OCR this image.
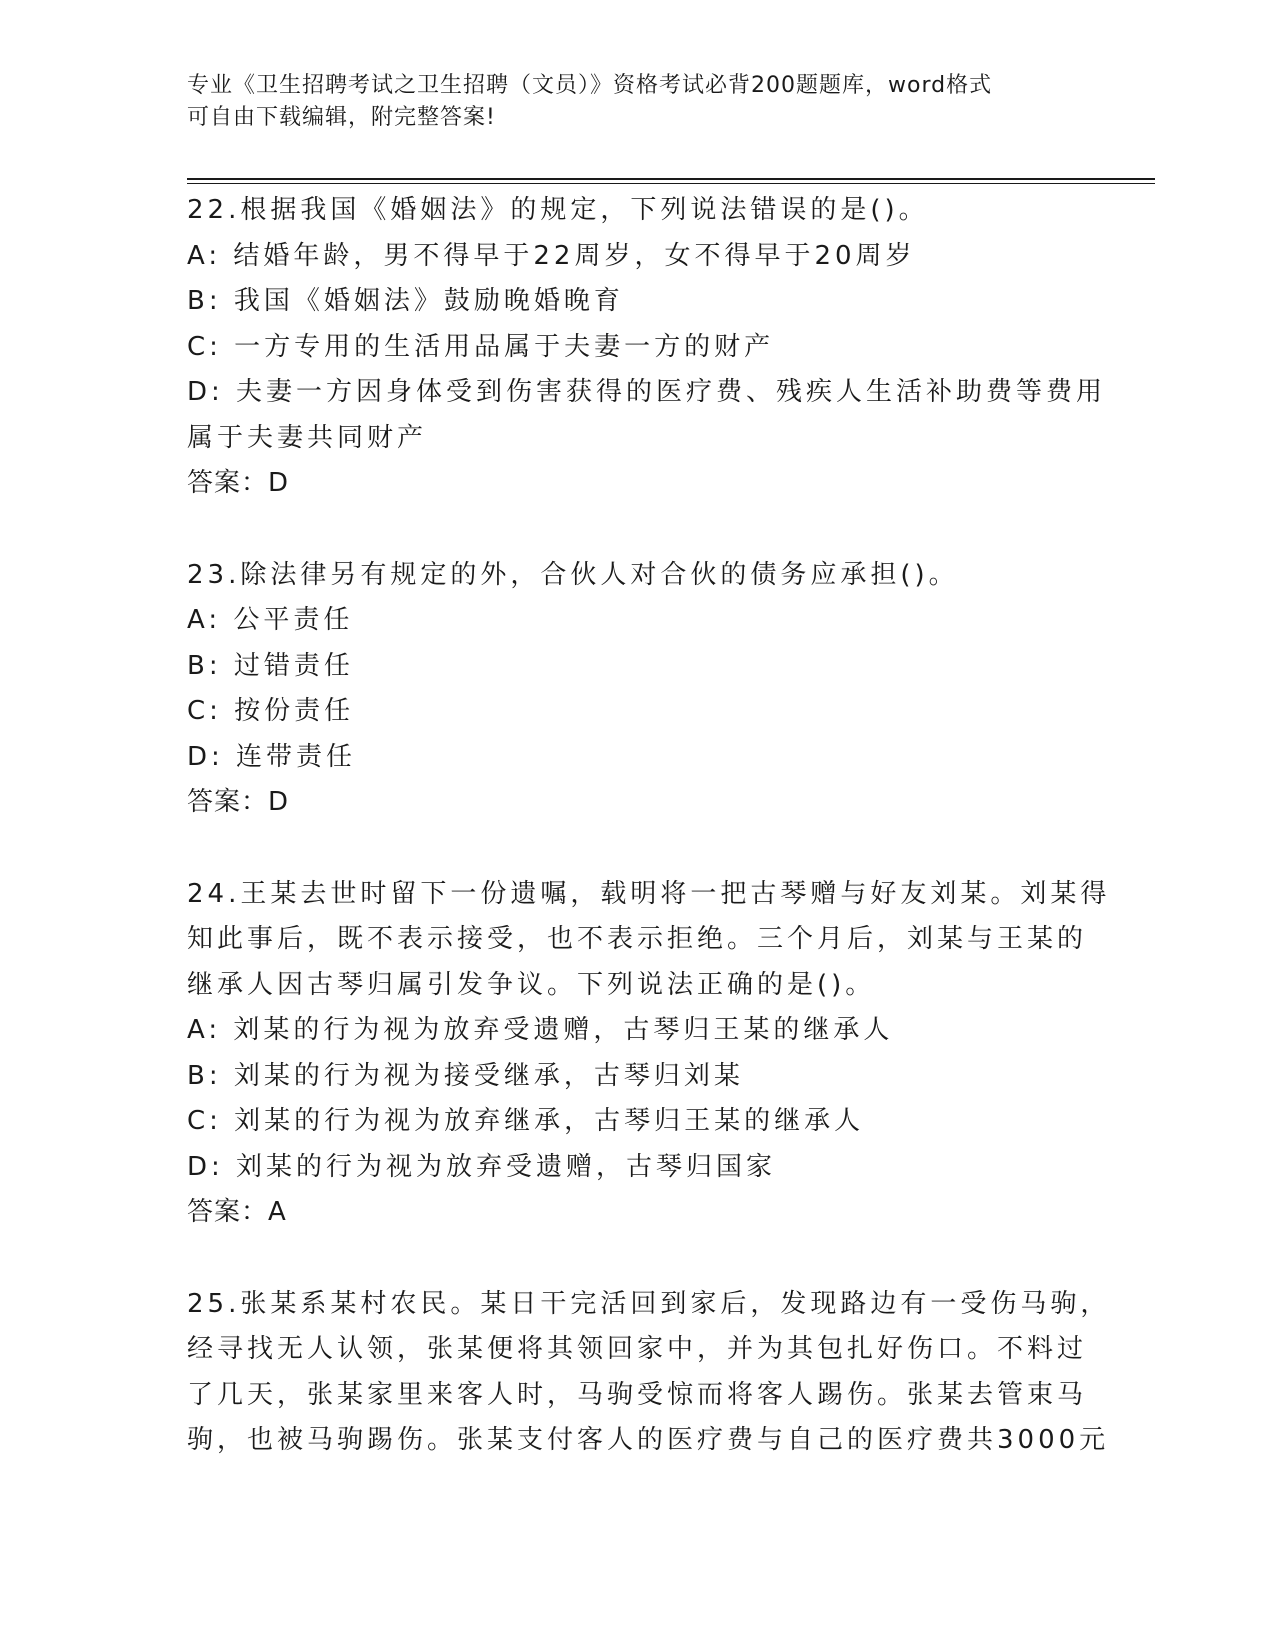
专业《卫生招聘考试之卫生招聘（文员）》资格考试必背200题题库，word格式
可自由下载编辑，附完整答案!
22.根据我国《婚姻法》的规定，下列说法错误的是()。
A: 结婚年龄，男不得早于22周岁，女不得早于20周岁
B: 我国《婚姻法》鼓励晚婚晚育
C: 一方专用的生活用品属于夫妻一方的财产
D: 夫妻一方因身体受到伤害获得的医疗费、残疾人生活补助费等费用
属于夫妻共同财产
答案：D
23.除法律另有规定的外，合伙人对合伙的债务应承担()。
A: 公平责任
B: 过错责任
C: 按份责任
D: 连带责任
答案：D
24.王某去世时留下一份遗嘱，载明将一把古琴赠与好友刘某。刘某得
知此事后，既不表示接受，也不表示拒绝。三个月后，刘某与王某的
继承人因古琴归属引发争议。下列说法正确的是()。
A: 刘某的行为视为放弃受遗赠，古琴归王某的继承人
B: 刘某的行为视为接受继承，古琴归刘某
C: 刘某的行为视为放弃继承，古琴归王某的继承人
D: 刘某的行为视为放弃受遗赠，古琴归国家
答案：A
25.张某系某村农民。某日干完活回到家后，发现路边有一受伤马驹，
经寻找无人认领，张某便将其领回家中，并为其包扎好伤口。不料过
了几天，张某家里来客人时，马驹受惊而将客人踢伤。张某去管束马
驹，也被马驹踢伤。张某支付客人的医疗费与自己的医疗费共3000元
